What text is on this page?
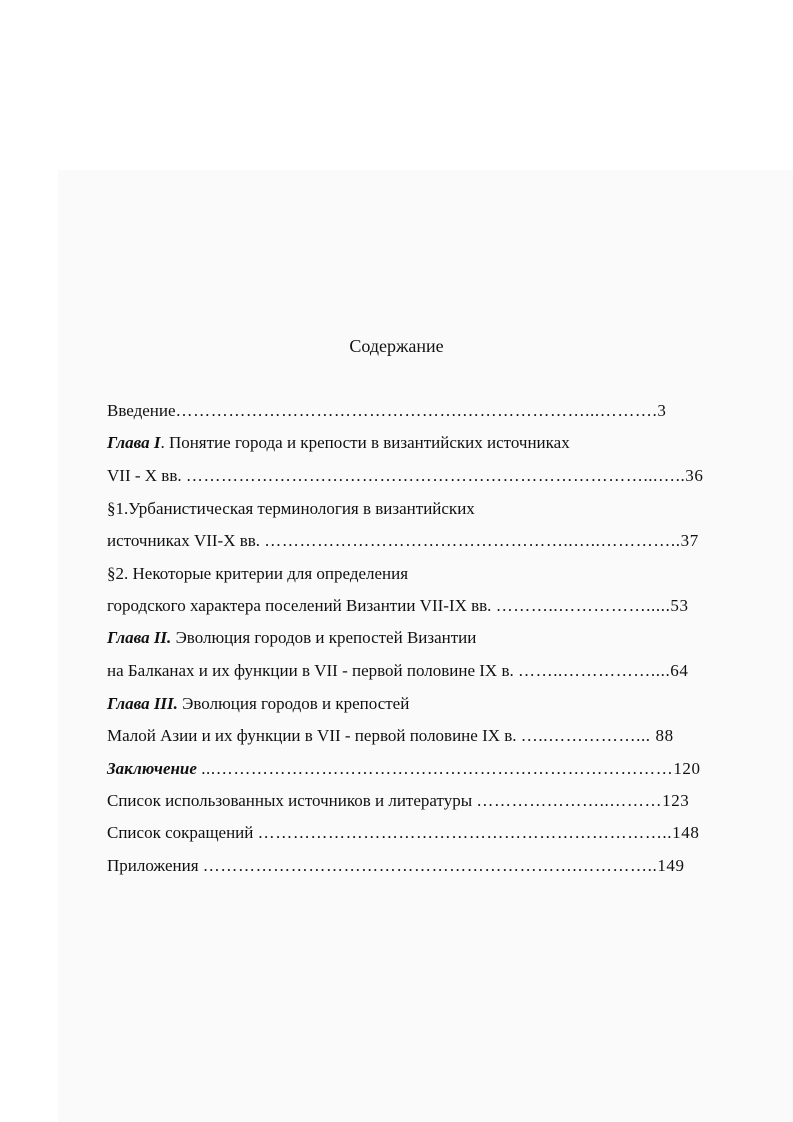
Содержание
Введение………………………………………….…………………...……….3
Глава I. Понятие города и крепости в византийских источниках
VII - X вв. ……………………………………………………………………...…..36
§1.Урбанистическая терминология в византийских
источниках VII-X вв. ……………………………………………..…..…………..37
§2. Некоторые критерии для определения
городского характера поселений Византии VII-IX вв. ………..…………….....53
Глава II. Эволюция городов и крепостей Византии
на Балканах и их функции в VII - первой половине IX в. ……..……………....64
Глава III. Эволюция городов и крепостей
Малой Азии и их функции в VII - первой половине IX в. …..……………... 88
Заключение ...……………………………………………………………………120
Список использованных источников и литературы …………………..………123
Список сокращений ……………………………………………………………..148
Приложения ……………………………………………………….…………..149
